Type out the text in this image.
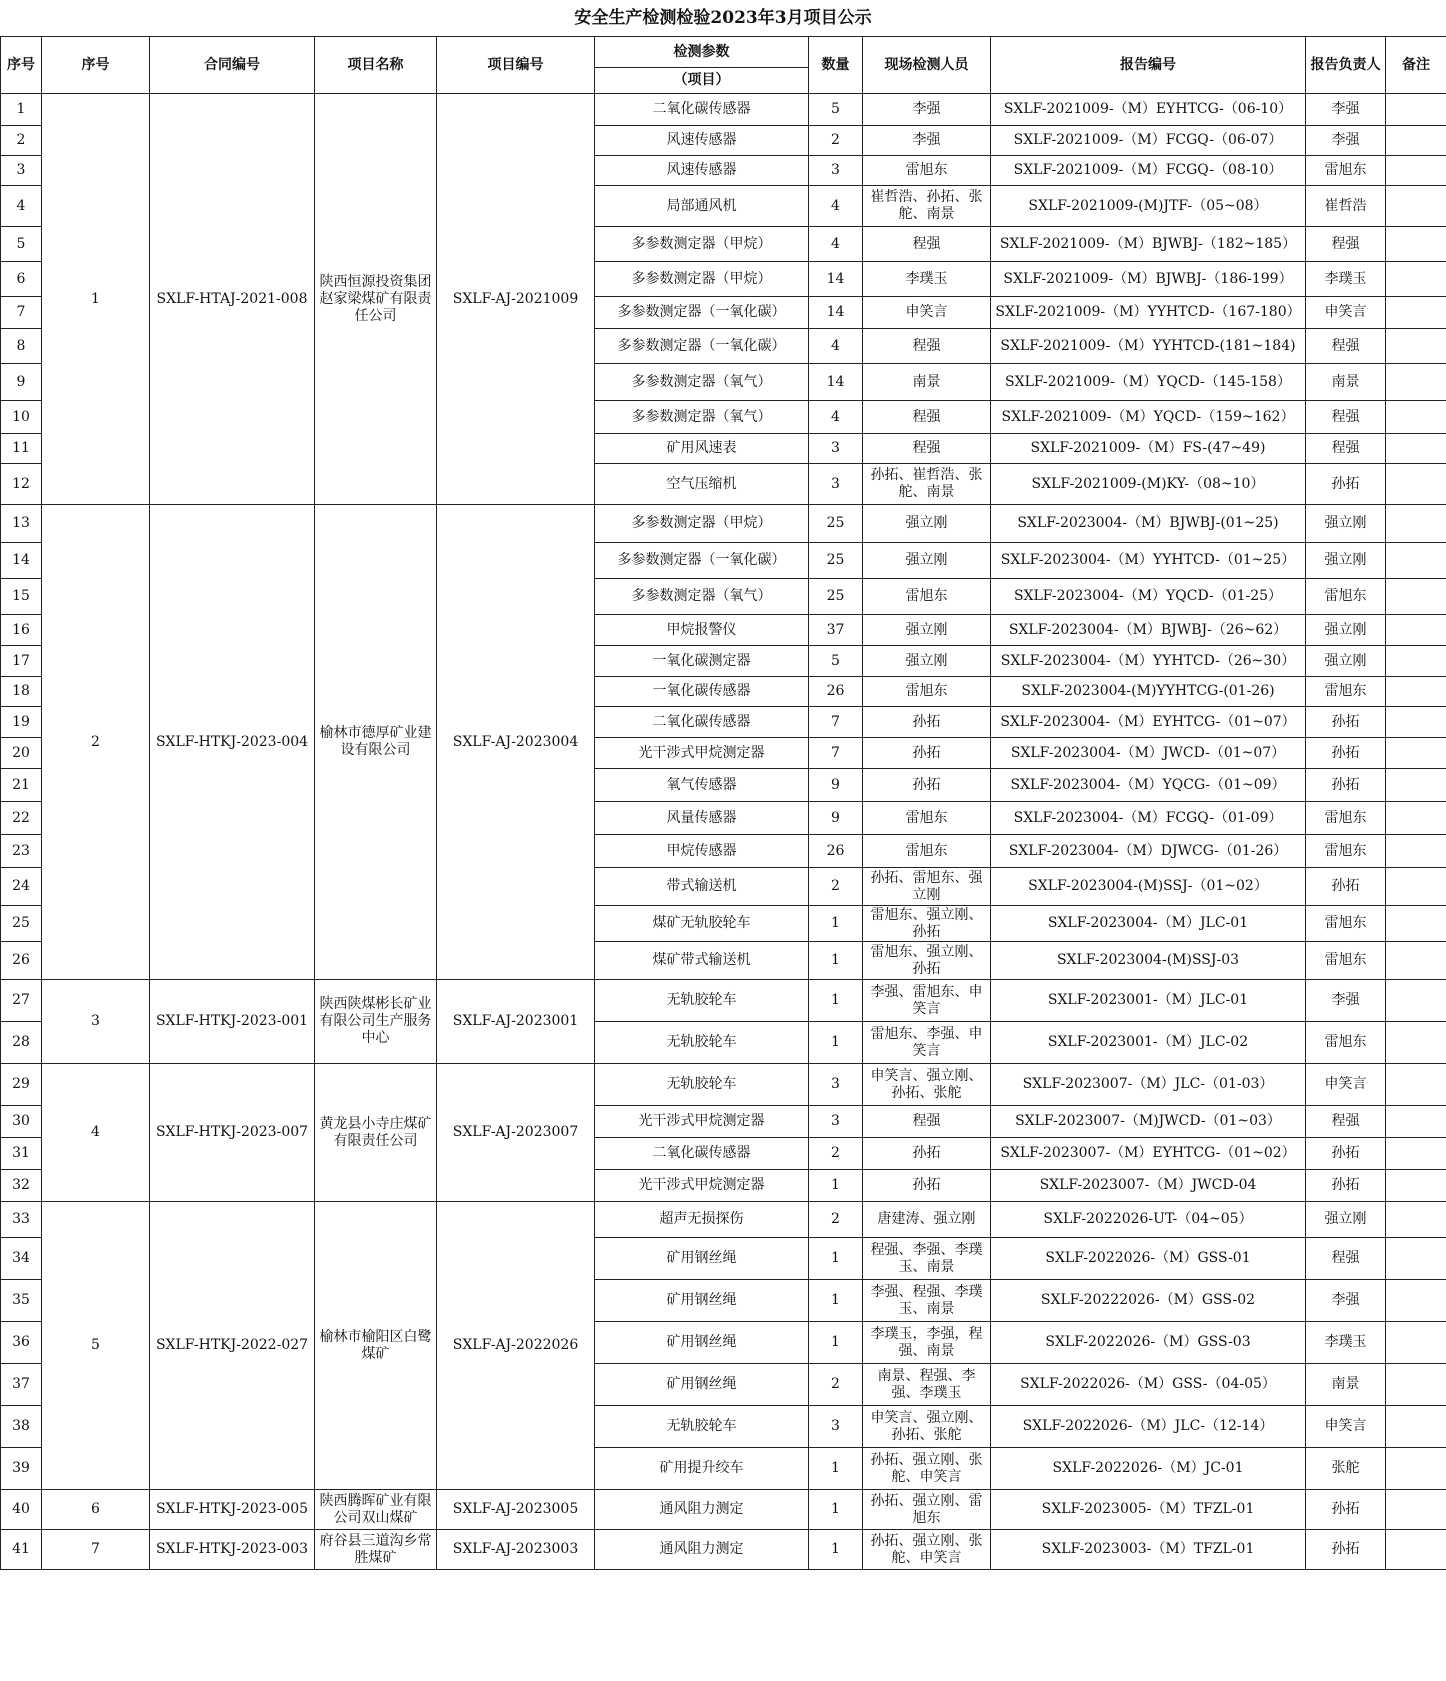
安全生产检测检验2023年3月项目公示
序号	序号	合同编号	项目名称	项目编号	检测参数	数量	现场检测人员	报告编号	报告负责人	备注
					（项目）					
1	1	SXLF-HTAJ-2021-008	陕西恒源投资集团赵家梁煤矿有限责任公司	SXLF-AJ-2021009	二氧化碳传感器	5	李强	SXLF-2021009-（M）EYHTCG-（06-10）	李强	
2					风速传感器	2	李强	SXLF-2021009-（M）FCGQ-（06-07）	李强	
3					风速传感器	3	雷旭东	SXLF-2021009-（M）FCGQ-（08-10）	雷旭东	
4					局部通风机	4	崔哲浩、孙拓、张舵、南景	SXLF-2021009-(M)JTF-（05~08）	崔哲浩	
5					多参数测定器（甲烷）	4	程强	SXLF-2021009-（M）BJWBJ-（182~185）	程强	
6					多参数测定器（甲烷）	14	李璞玉	SXLF-2021009-（M）BJWBJ-（186-199）	李璞玉	
7					多参数测定器（一氧化碳）	14	申笑言	SXLF-2021009-（M）YYHTCD-（167-180）	申笑言	
8					多参数测定器（一氧化碳）	4	程强	SXLF-2021009-（M）YYHTCD-(181~184)	程强	
9					多参数测定器（氧气）	14	南景	SXLF-2021009-（M）YQCD-（145-158）	南景	
10					多参数测定器（氧气）	4	程强	SXLF-2021009-（M）YQCD-（159~162）	程强	
11					矿用风速表	3	程强	SXLF-2021009-（M）FS-(47~49)	程强	
12					空气压缩机	3	孙拓、崔哲浩、张舵、南景	SXLF-2021009-(M)KY-（08~10）	孙拓	
13	2	SXLF-HTKJ-2023-004	榆林市德厚矿业建设有限公司	SXLF-AJ-2023004	多参数测定器（甲烷）	25	强立刚	SXLF-2023004-（M）BJWBJ-(01~25)	强立刚	
14					多参数测定器（一氧化碳）	25	强立刚	SXLF-2023004-（M）YYHTCD-（01~25）	强立刚	
15					多参数测定器（氧气）	25	雷旭东	SXLF-2023004-（M）YQCD-（01-25）	雷旭东	
16					甲烷报警仪	37	强立刚	SXLF-2023004-（M）BJWBJ-（26~62）	强立刚	
17					一氧化碳测定器	5	强立刚	SXLF-2023004-（M）YYHTCD-（26~30）	强立刚	
18					一氧化碳传感器	26	雷旭东	SXLF-2023004-(M)YYHTCG-(01-26)	雷旭东	
19					二氧化碳传感器	7	孙拓	SXLF-2023004-（M）EYHTCG-（01~07）	孙拓	
20					光干涉式甲烷测定器	7	孙拓	SXLF-2023004-（M）JWCD-（01~07）	孙拓	
21					氧气传感器	9	孙拓	SXLF-2023004-（M）YQCG-（01~09）	孙拓	
22					风量传感器	9	雷旭东	SXLF-2023004-（M）FCGQ-（01-09）	雷旭东	
23					甲烷传感器	26	雷旭东	SXLF-2023004-（M）DJWCG-（01-26）	雷旭东	
24					带式输送机	2	孙拓、雷旭东、强立刚	SXLF-2023004-(M)SSJ-（01~02）	孙拓	
25					煤矿无轨胶轮车	1	雷旭东、强立刚、孙拓	SXLF-2023004-（M）JLC-01	雷旭东	
26					煤矿带式输送机	1	雷旭东、强立刚、孙拓	SXLF-2023004-(M)SSJ-03	雷旭东	
27	3	SXLF-HTKJ-2023-001	陕西陕煤彬长矿业有限公司生产服务中心	SXLF-AJ-2023001	无轨胶轮车	1	李强、雷旭东、申笑言	SXLF-2023001-（M）JLC-01	李强	
28					无轨胶轮车	1	雷旭东、李强、申笑言	SXLF-2023001-（M）JLC-02	雷旭东	
29	4	SXLF-HTKJ-2023-007	黄龙县小寺庄煤矿有限责任公司	SXLF-AJ-2023007	无轨胶轮车	3	申笑言、强立刚、孙拓、张舵	SXLF-2023007-（M）JLC-（01-03）	申笑言	
30					光干涉式甲烷测定器	3	程强	SXLF-2023007-（M)JWCD-（01~03）	程强	
31					二氧化碳传感器	2	孙拓	SXLF-2023007-（M）EYHTCG-（01~02）	孙拓	
32					光干涉式甲烷测定器	1	孙拓	SXLF-2023007-（M）JWCD-04	孙拓	
33	5	SXLF-HTKJ-2022-027	榆林市榆阳区白鹭煤矿	SXLF-AJ-2022026	超声无损探伤	2	唐建涛、强立刚	SXLF-2022026-UT-（04~05）	强立刚	
34					矿用钢丝绳	1	程强、李强、李璞玉、南景	SXLF-2022026-（M）GSS-01	程强	
35					矿用钢丝绳	1	李强、程强、李璞玉、南景	SXLF-20222026-（M）GSS-02	李强	
36					矿用钢丝绳	1	李璞玉，李强，程强、南景	SXLF-2022026-（M）GSS-03	李璞玉	
37					矿用钢丝绳	2	南景、程强、李强、李璞玉	SXLF-2022026-（M）GSS-（04-05）	南景	
38					无轨胶轮车	3	申笑言、强立刚、孙拓、张舵	SXLF-2022026-（M）JLC-（12-14）	申笑言	
39					矿用提升绞车	1	孙拓、强立刚、张舵、申笑言	SXLF-2022026-（M）JC-01	张舵	
40	6	SXLF-HTKJ-2023-005	陕西腾晖矿业有限公司双山煤矿	SXLF-AJ-2023005	通风阻力测定	1	孙拓、强立刚、雷旭东	SXLF-2023005-（M）TFZL-01	孙拓	
41	7	SXLF-HTKJ-2023-003	府谷县三道沟乡常胜煤矿	SXLF-AJ-2023003	通风阻力测定	1	孙拓、强立刚、张舵、申笑言	SXLF-2023003-（M）TFZL-01	孙拓	
